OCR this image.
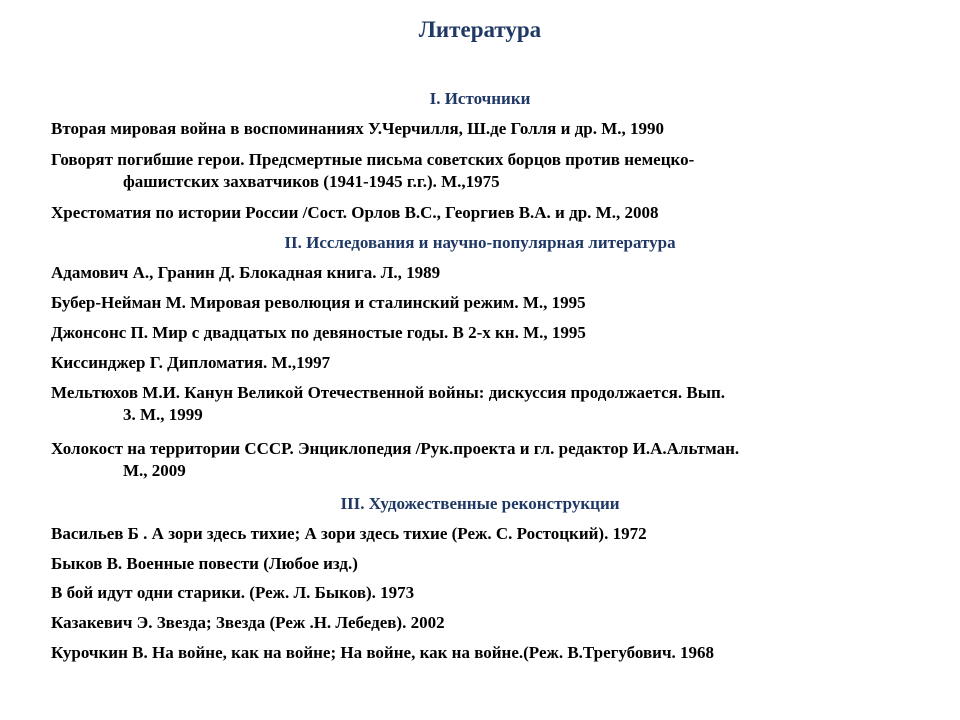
Литература
I. Источники
Вторая мировая война в воспоминаниях У.Черчилля, Ш.де Голля и др. М., 1990
Говорят погибшие герои. Предсмертные письма советских борцов против немецко-
фашистских захватчиков (1941-1945 г.г.). М.,1975
Хрестоматия по истории России /Сост. Орлов В.С., Георгиев В.А. и др. М., 2008
II. Исследования и научно-популярная литература
Адамович А., Гранин Д. Блокадная книга. Л., 1989
Бубер-Нейман М. Мировая революция и сталинский режим. М., 1995
Джонсонс П. Мир с двадцатых по девяностые годы. В 2-х кн. М., 1995
Киссинджер Г. Дипломатия. М.,1997
Мельтюхов М.И. Канун Великой Отечественной войны: дискуссия продолжается. Вып.
3. М., 1999
Холокост на территории СССР. Энциклопедия /Рук.проекта и гл. редактор И.А.Альтман.
М., 2009
III. Художественные реконструкции
Васильев Б . А зори здесь тихие; А зори здесь тихие (Реж. С. Ростоцкий). 1972
Быков В. Военные повести (Любое изд.)
В бой идут одни старики. (Реж. Л. Быков). 1973
Казакевич Э. Звезда; Звезда (Реж .Н. Лебедев). 2002
Курочкин В. На войне, как на войне; На войне, как на войне.(Реж. В.Трегубович. 1968
